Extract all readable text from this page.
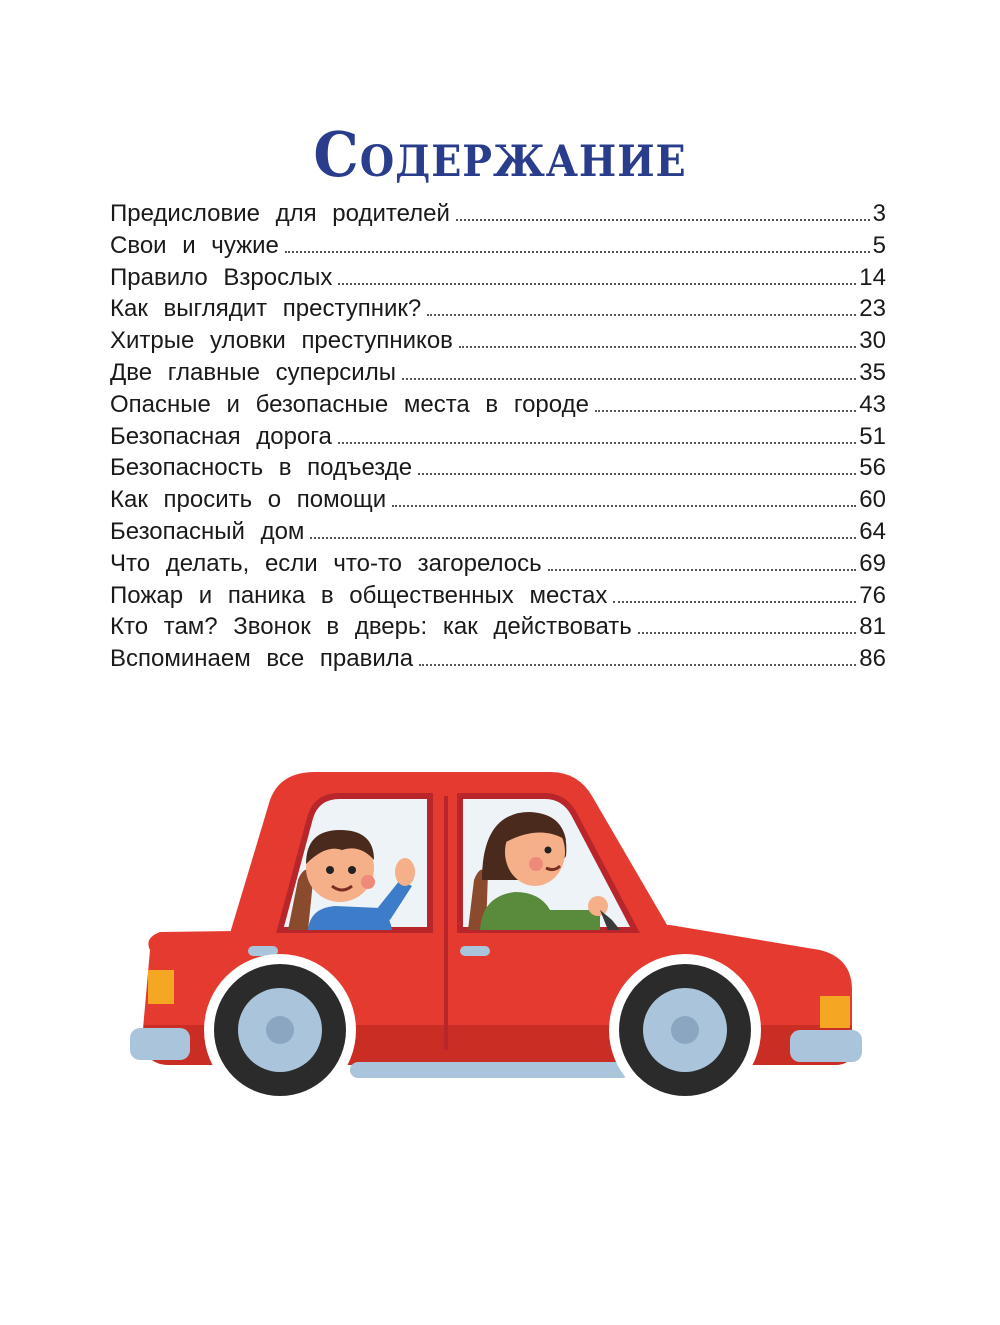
Содержание
Предисловие для родителей	3
Свои и чужие	5
Правило Взрослых	14
Как выглядит преступник?	23
Хитрые уловки преступников	30
Две главные суперсилы	35
Опасные и безопасные места в городе	43
Безопасная дорога	51
Безопасность в подъезде	56
Как просить о помощи	60
Безопасный дом	64
Что делать, если что-то загорелось	69
Пожар и паника в общественных местах	76
Кто там? Звонок в дверь: как действовать	81
Вспоминаем все правила	86
